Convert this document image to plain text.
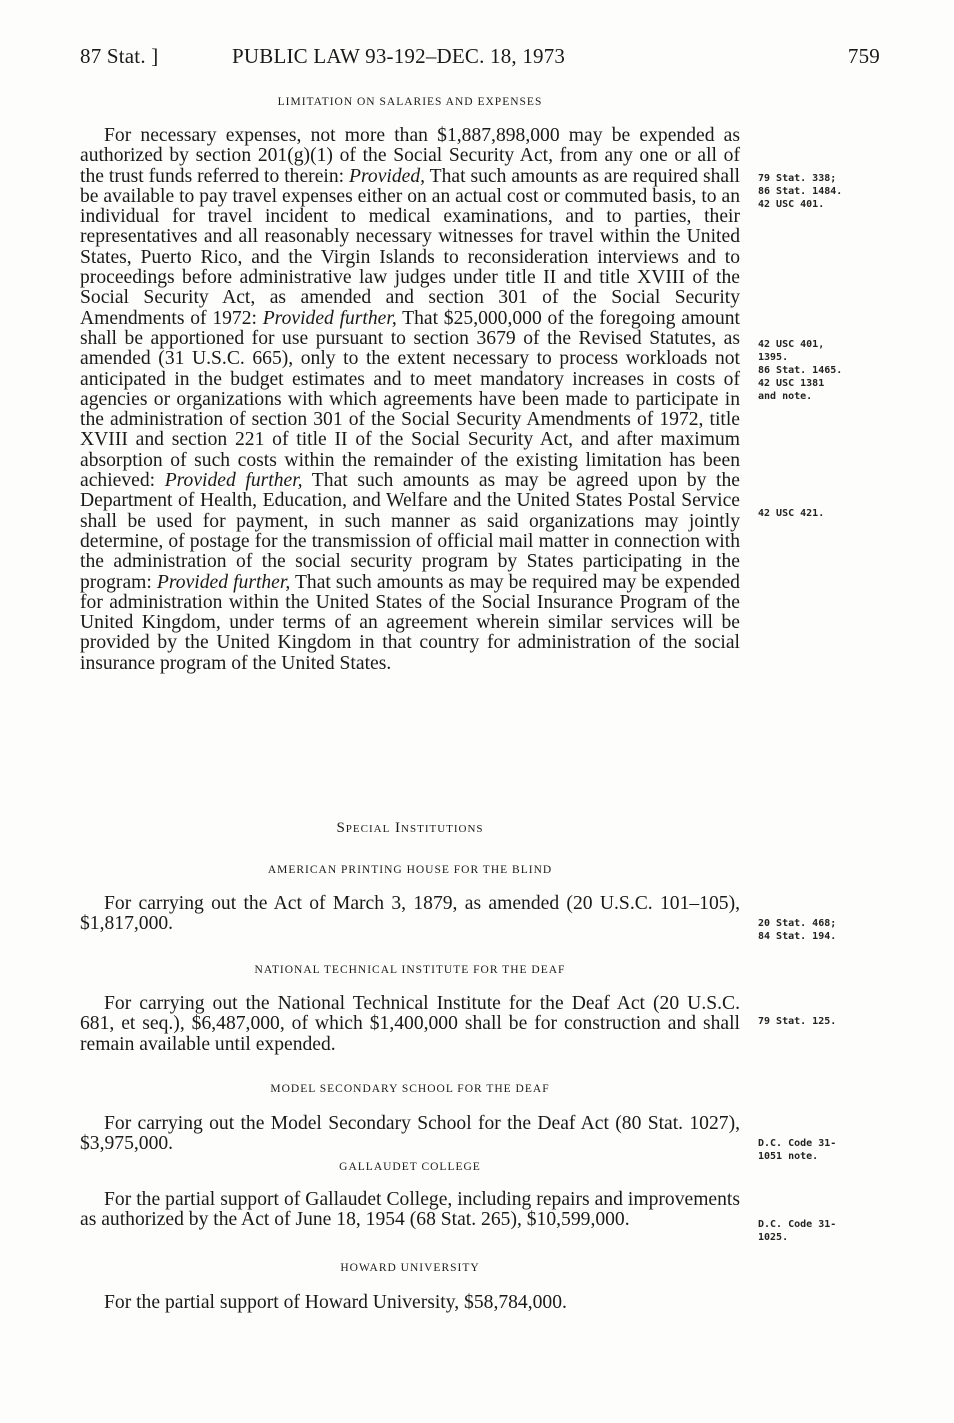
87 Stat. ]	PUBLIC LAW 93-192–DEC. 18, 1973	759
LIMITATION ON SALARIES AND EXPENSES

For necessary expenses, not more than $1,887,898,000 may be expended as authorized by section 201(g)(1) of the Social Security Act, from any one or all of the trust funds referred to therein: Provided, That such amounts as are required shall be available to pay travel expenses either on an actual cost or commuted basis, to an individual for travel incident to medical examinations, and to parties, their representatives and all reasonably necessary witnesses for travel within the United States, Puerto Rico, and the Virgin Islands to reconsideration interviews and to proceedings before administrative law judges under title II and title XVIII of the Social Security Act, as amended and section 301 of the Social Security Amendments of 1972: Provided further, That $25,000,000 of the foregoing amount shall be apportioned for use pursuant to section 3679 of the Revised Statutes, as amended (31 U.S.C. 665), only to the extent necessary to process workloads not anticipated in the budget estimates and to meet mandatory increases in costs of agencies or organizations with which agreements have been made to participate in the administration of section 301 of the Social Security Amendments of 1972, title XVIII and section 221 of title II of the Social Security Act, and after maximum absorption of such costs within the remainder of the existing limitation has been achieved: Provided further, That such amounts as may be agreed upon by the Department of Health, Education, and Welfare and the United States Postal Service shall be used for payment, in such manner as said organizations may jointly determine, of postage for the transmission of official mail matter in connection with the administration of the social security program by States participating in the program: Provided further, That such amounts as may be required may be expended for administration within the United States of the Social Insurance Program of the United Kingdom, under terms of an agreement wherein similar services will be provided by the United Kingdom in that country for administration of the social insurance program of the United States.

Special Institutions
AMERICAN PRINTING HOUSE FOR THE BLIND

For carrying out the Act of March 3, 1879, as amended (20 U.S.C. 101–105), $1,817,000.

NATIONAL TECHNICAL INSTITUTE FOR THE DEAF

For carrying out the National Technical Institute for the Deaf Act (20 U.S.C. 681, et seq.), $6,487,000, of which $1,400,000 shall be for construction and shall remain available until expended.

MODEL SECONDARY SCHOOL FOR THE DEAF

For carrying out the Model Secondary School for the Deaf Act (80 Stat. 1027), $3,975,000.

GALLAUDET COLLEGE

For the partial support of Gallaudet College, including repairs and improvements as authorized by the Act of June 18, 1954 (68 Stat. 265), $10,599,000.

HOWARD UNIVERSITY

For the partial support of Howard University, $58,784,000.

79 Stat. 338;
86 Stat. 1484.
42 USC 401.
42 USC 401,
1395.
86 Stat. 1465.
42 USC 1381
and note.
42 USC 421.
20 Stat. 468;
84 Stat. 194.
79 Stat. 125.
D.C. Code 31-
1051 note.
D.C. Code 31-
1025.
